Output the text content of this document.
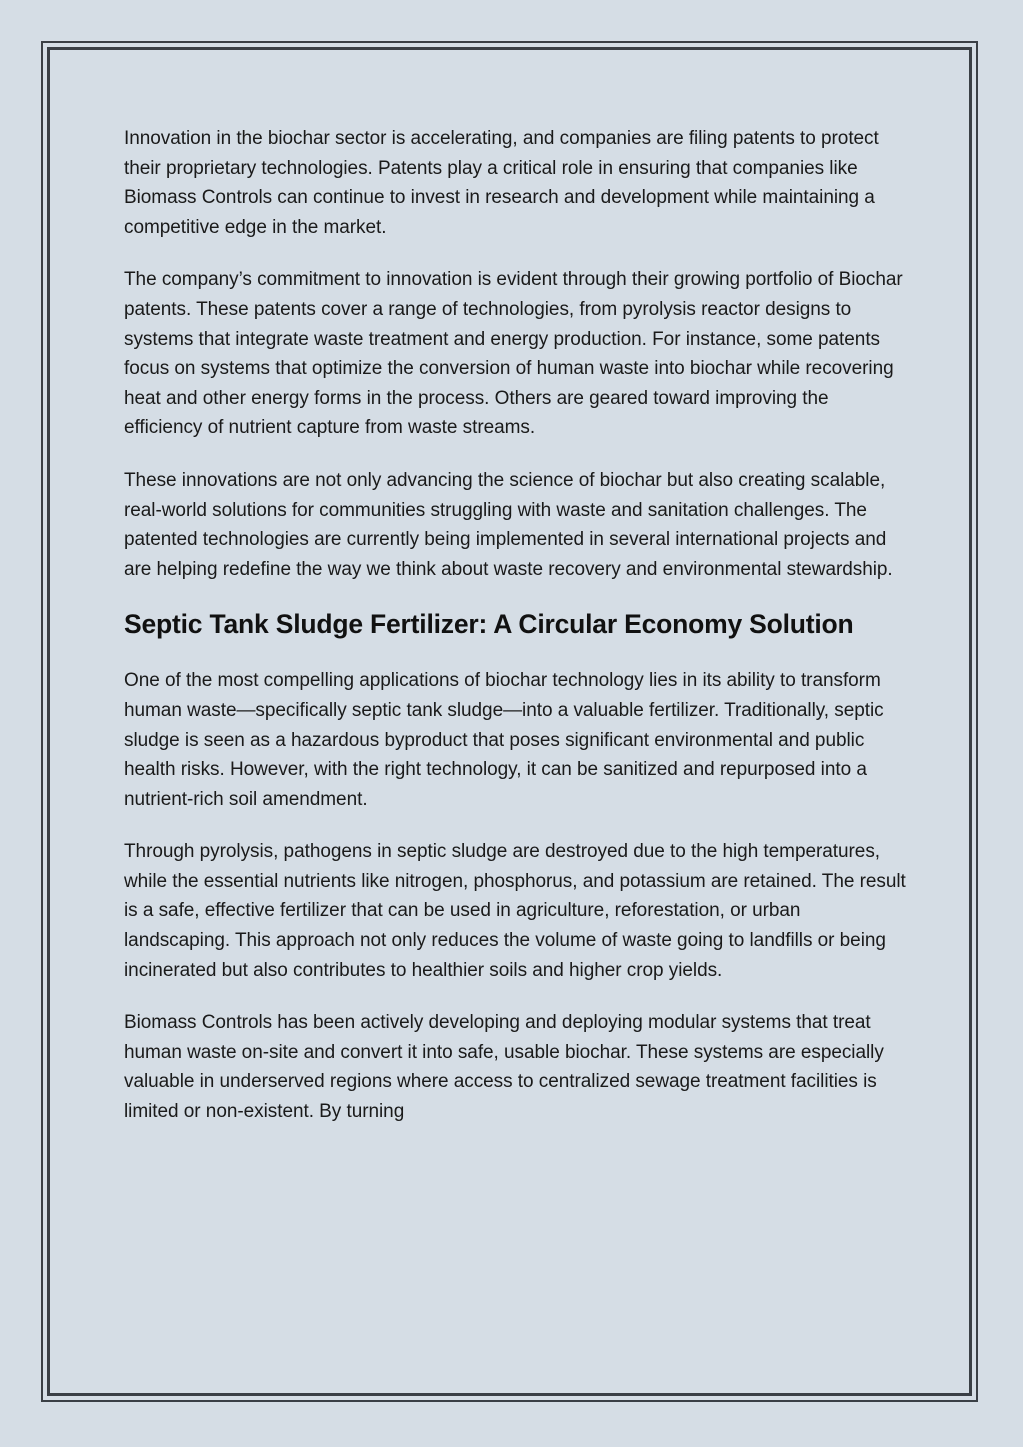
Innovation in the biochar sector is accelerating, and companies are filing patents to protect their proprietary technologies. Patents play a critical role in ensuring that companies like Biomass Controls can continue to invest in research and development while maintaining a competitive edge in the market.

The company’s commitment to innovation is evident through their growing portfolio of Biochar patents. These patents cover a range of technologies, from pyrolysis reactor designs to systems that integrate waste treatment and energy production. For instance, some patents focus on systems that optimize the conversion of human waste into biochar while recovering heat and other energy forms in the process. Others are geared toward improving the efficiency of nutrient capture from waste streams.

These innovations are not only advancing the science of biochar but also creating scalable, real-world solutions for communities struggling with waste and sanitation challenges. The patented technologies are currently being implemented in several international projects and are helping redefine the way we think about waste recovery and environmental stewardship.

Septic Tank Sludge Fertilizer: A Circular Economy Solution

One of the most compelling applications of biochar technology lies in its ability to transform human waste—specifically septic tank sludge—into a valuable fertilizer. Traditionally, septic sludge is seen as a hazardous byproduct that poses significant environmental and public health risks. However, with the right technology, it can be sanitized and repurposed into a nutrient-rich soil amendment.

Through pyrolysis, pathogens in septic sludge are destroyed due to the high temperatures, while the essential nutrients like nitrogen, phosphorus, and potassium are retained. The result is a safe, effective fertilizer that can be used in agriculture, reforestation, or urban landscaping. This approach not only reduces the volume of waste going to landfills or being incinerated but also contributes to healthier soils and higher crop yields.

Biomass Controls has been actively developing and deploying modular systems that treat human waste on-site and convert it into safe, usable biochar. These systems are especially valuable in underserved regions where access to centralized sewage treatment facilities is limited or non-existent. By turning
